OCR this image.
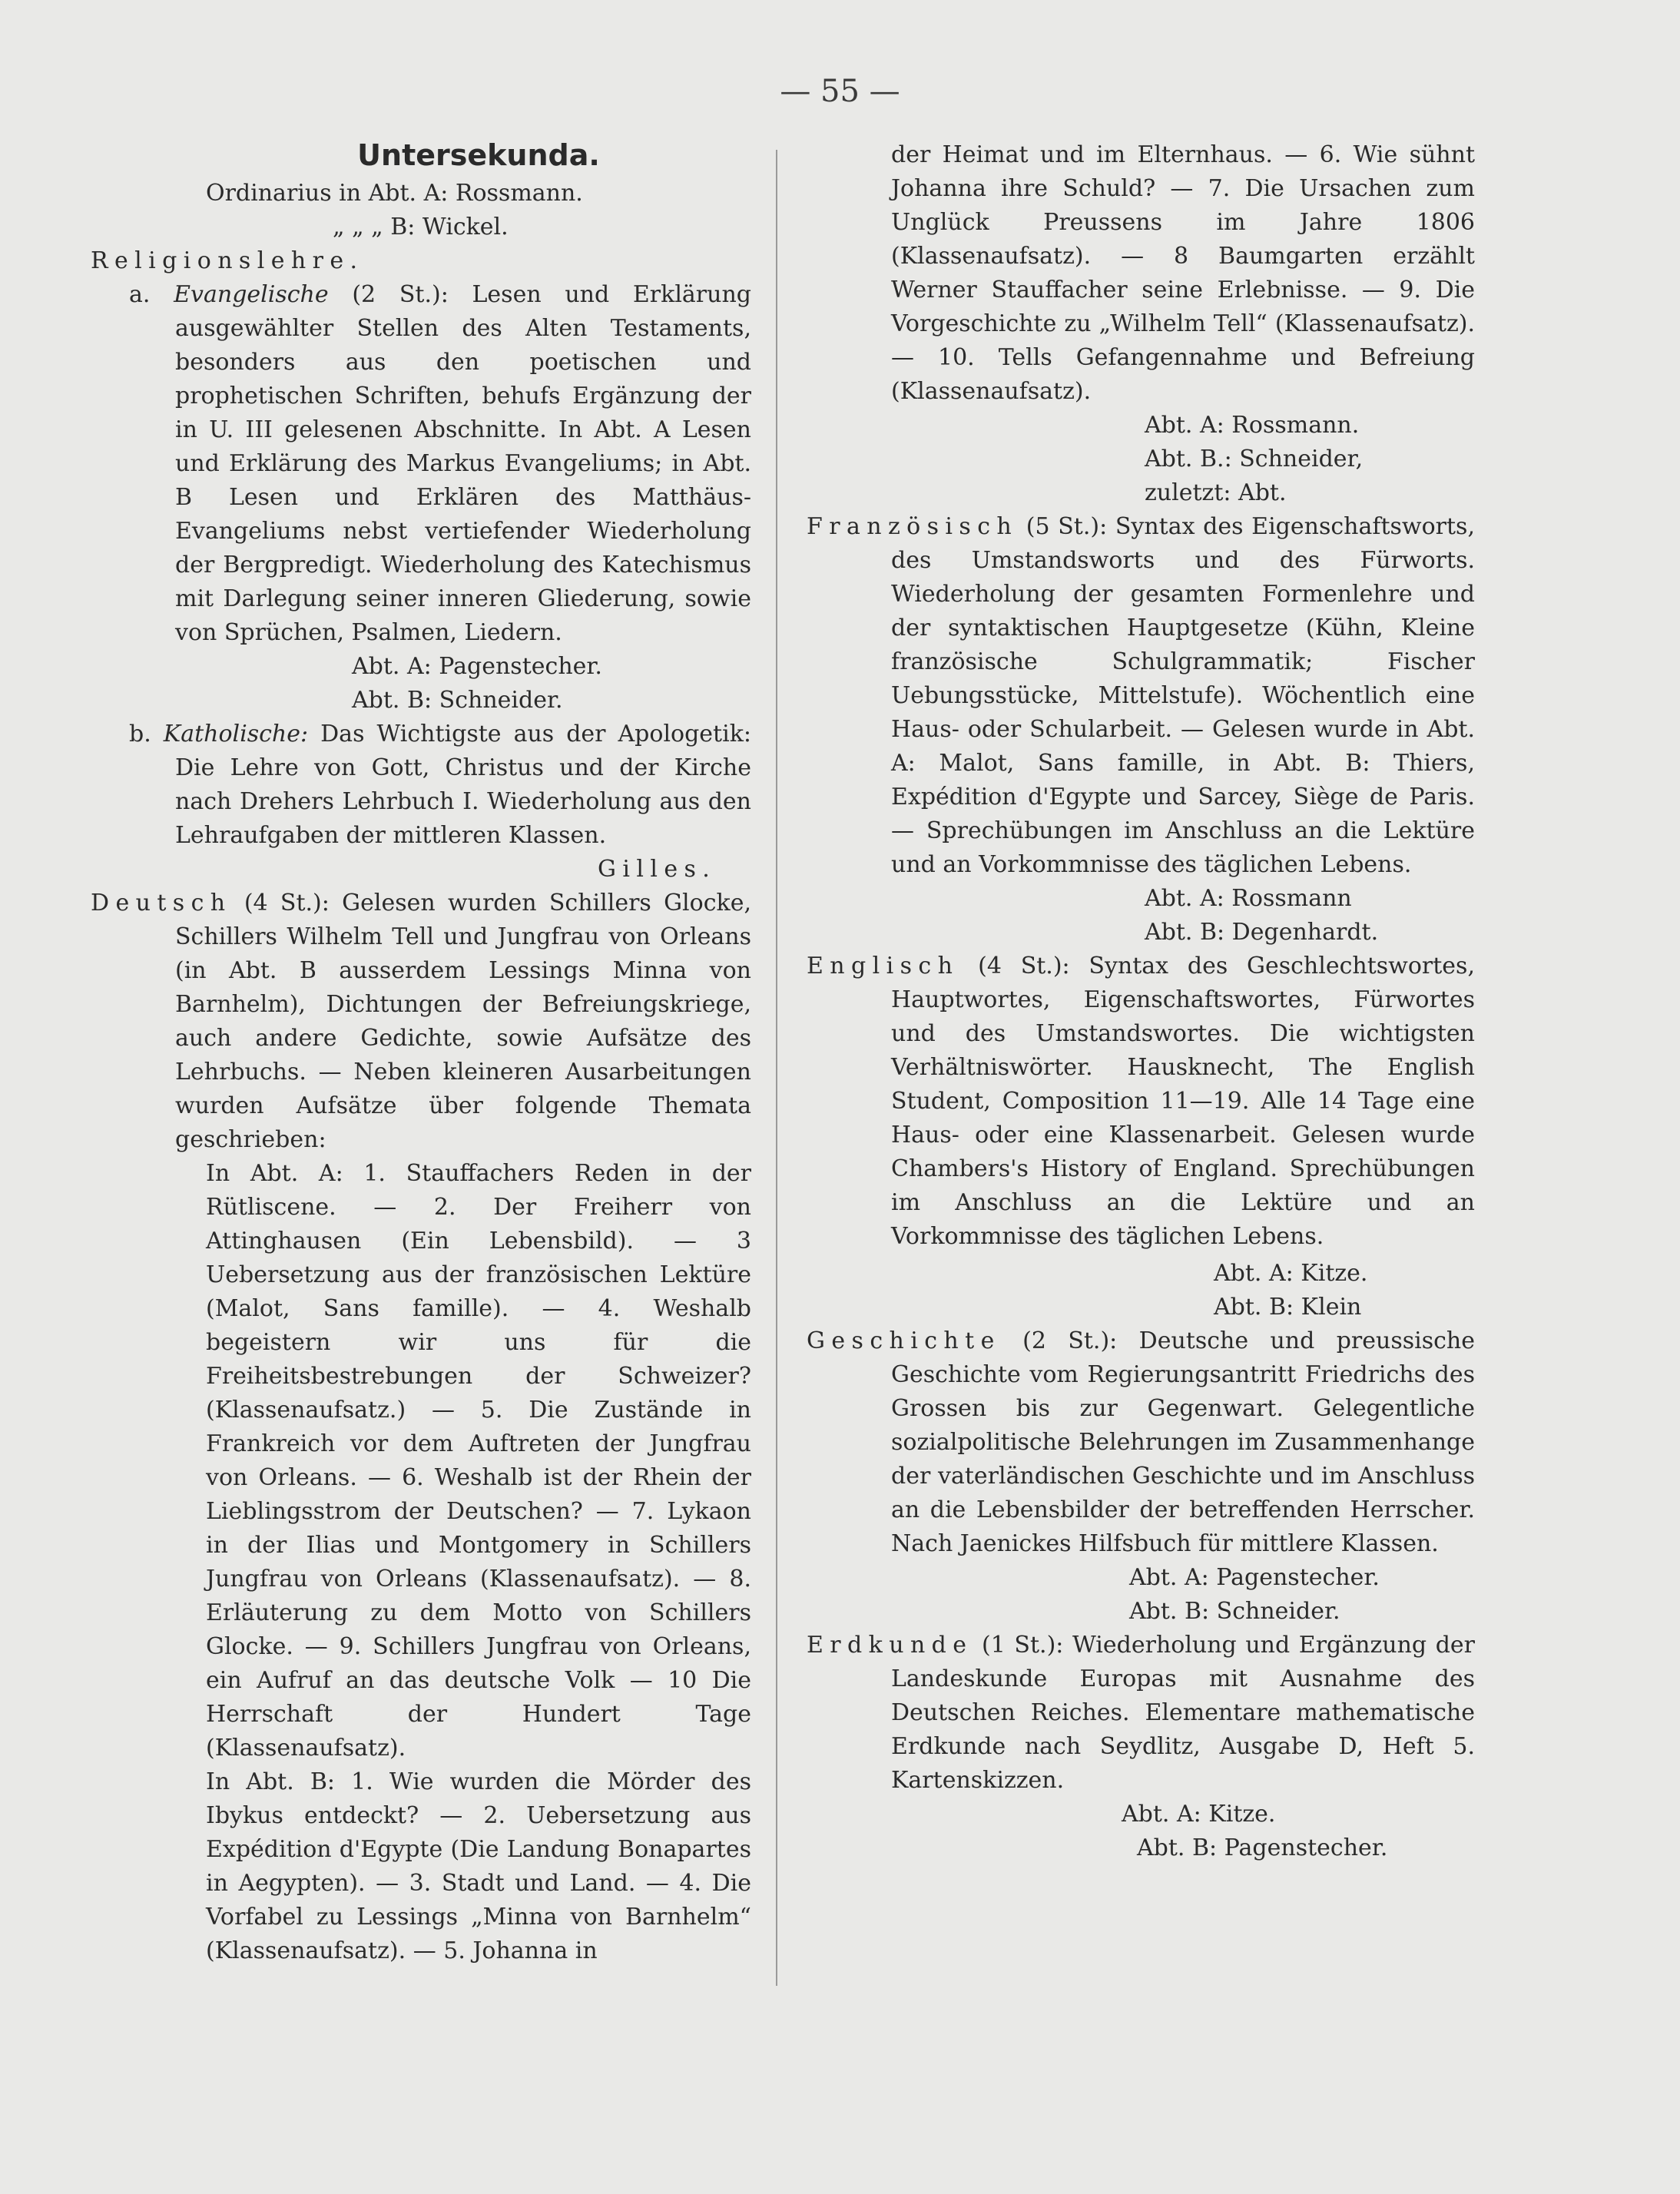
— 55 —
Untersekunda.

Ordinarius in Abt. A: Rossmann.

„ „ „ B: Wickel.

Religionslehre.

a. Evangelische (2 St.): Lesen und Erklärung ausgewählter Stellen des Alten Testaments, besonders aus den poetischen und prophetischen Schriften, behufs Ergänzung der in U. III gelesenen Abschnitte. In Abt. A Lesen und Erklärung des Markus Evangeliums; in Abt. B Lesen und Erklären des Matthäus-Evangeliums nebst vertiefender Wiederholung der Bergpredigt. Wiederholung des Katechismus mit Darlegung seiner inneren Gliederung, sowie von Sprüchen, Psalmen, Liedern.

Abt. A: Pagenstecher.

Abt. B: Schneider.

b. Katholische: Das Wichtigste aus der Apologetik: Die Lehre von Gott, Christus und der Kirche nach Drehers Lehrbuch I. Wiederholung aus den Lehraufgaben der mittleren Klassen.

Gilles.

Deutsch (4 St.): Gelesen wurden Schillers Glocke, Schillers Wilhelm Tell und Jungfrau von Orleans (in Abt. B ausserdem Lessings Minna von Barnhelm), Dichtungen der Befreiungskriege, auch andere Gedichte, sowie Aufsätze des Lehrbuchs. — Neben kleineren Ausarbeitungen wurden Aufsätze über folgende Themata geschrieben:

In Abt. A: 1. Stauffachers Reden in der Rütliscene. — 2. Der Freiherr von Attinghausen (Ein Lebensbild). — 3 Uebersetzung aus der französischen Lektüre (Malot, Sans famille). — 4. Weshalb begeistern wir uns für die Freiheitsbestrebungen der Schweizer? (Klassenaufsatz.) — 5. Die Zustände in Frankreich vor dem Auftreten der Jungfrau von Orleans. — 6. Weshalb ist der Rhein der Lieblingsstrom der Deutschen? — 7. Lykaon in der Ilias und Montgomery in Schillers Jungfrau von Orleans (Klassenaufsatz). — 8. Erläuterung zu dem Motto von Schillers Glocke. — 9. Schillers Jungfrau von Orleans, ein Aufruf an das deutsche Volk — 10 Die Herrschaft der Hundert Tage (Klassenaufsatz).

In Abt. B: 1. Wie wurden die Mörder des Ibykus entdeckt? — 2. Uebersetzung aus Expédition d'Egypte (Die Landung Bonapartes in Aegypten). — 3. Stadt und Land. — 4. Die Vorfabel zu Lessings „Minna von Barnhelm“ (Klassenaufsatz). — 5. Johanna in

der Heimat und im Elternhaus. — 6. Wie sühnt Johanna ihre Schuld? — 7. Die Ursachen zum Unglück Preussens im Jahre 1806 (Klassenaufsatz). — 8 Baumgarten erzählt Werner Stauffacher seine Erlebnisse. — 9. Die Vorgeschichte zu „Wilhelm Tell“ (Klassenaufsatz). — 10. Tells Gefangennahme und Befreiung (Klassenaufsatz).

Abt. A: Rossmann.

Abt. B.: Schneider,

zuletzt: Abt.

Französisch (5 St.): Syntax des Eigenschaftsworts, des Umstandsworts und des Fürworts. Wiederholung der gesamten Formenlehre und der syntaktischen Hauptgesetze (Kühn, Kleine französische Schulgrammatik; Fischer Uebungsstücke, Mittelstufe). Wöchentlich eine Haus- oder Schularbeit. — Gelesen wurde in Abt. A: Malot, Sans famille, in Abt. B: Thiers, Expédition d'Egypte und Sarcey, Siège de Paris. — Sprechübungen im Anschluss an die Lektüre und an Vorkommnisse des täglichen Lebens.

Abt. A: Rossmann

Abt. B: Degenhardt.

Englisch (4 St.): Syntax des Geschlechtswortes, Hauptwortes, Eigenschaftswortes, Fürwortes und des Umstandswortes. Die wichtigsten Verhältniswörter. Hausknecht, The English Student, Composition 11—19. Alle 14 Tage eine Haus- oder eine Klassenarbeit. Gelesen wurde Chambers's History of England. Sprechübungen im Anschluss an die Lektüre und an Vorkommnisse des täglichen Lebens.

Abt. A: Kitze.

Abt. B: Klein

Geschichte (2 St.): Deutsche und preussische Geschichte vom Regierungsantritt Friedrichs des Grossen bis zur Gegenwart. Gelegentliche sozialpolitische Belehrungen im Zusammenhange der vaterländischen Geschichte und im Anschluss an die Lebensbilder der betreffenden Herrscher. Nach Jaenickes Hilfsbuch für mittlere Klassen.

Abt. A: Pagenstecher.

Abt. B: Schneider.

Erdkunde (1 St.): Wiederholung und Ergänzung der Landeskunde Europas mit Ausnahme des Deutschen Reiches. Elementare mathematische Erdkunde nach Seydlitz, Ausgabe D, Heft 5. Kartenskizzen.

Abt. A: Kitze.

Abt. B: Pagenstecher.
